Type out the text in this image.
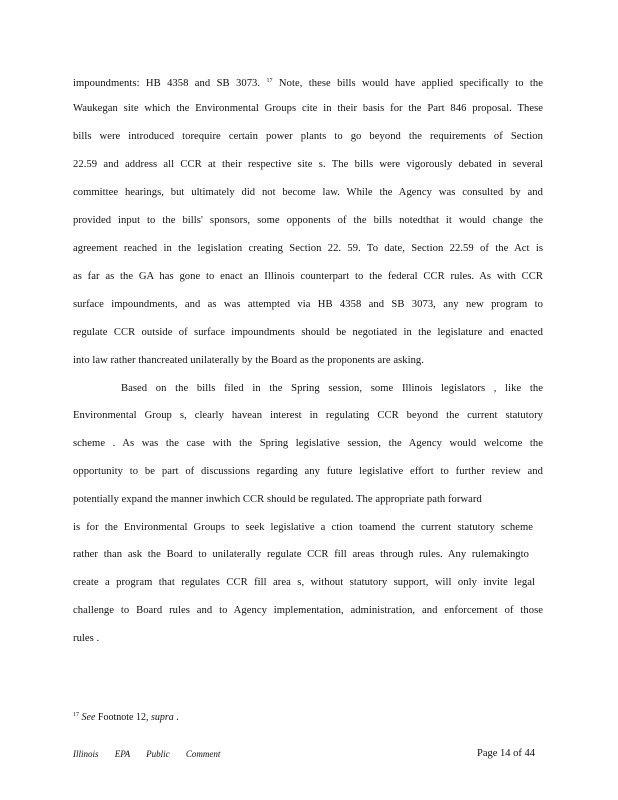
impoundments: HB 4358 and SB 3073. $^{17}$ Note, these bills would have applied specifically to the
Waukegan site which the Environmental Groups cite in their basis for the Part 846 proposal. These
bills were introduced torequire certain power plants to go beyond the requirements of Section
22.59 and address all CCR at their respective site s. The bills were vigorously debated in several
committee hearings, but ultimately did not become law. While the Agency was consulted by and
provided input to the bills' sponsors, some opponents of the bills notedthat it would change the
agreement reached in the legislation creating Section 22. 59. To date, Section 22.59 of the Act is
as far as the GA has gone to enact an Illinois counterpart to the federal CCR rules. As with CCR
surface impoundments, and as was attempted via HB 4358 and SB 3073, any new program to
regulate CCR outside of surface impoundments should be negotiated in the legislature and enacted
into law rather thancreated unilaterally by the Board as the proponents are asking.
Based on the bills filed in the Spring session, some Illinois legislators , like the
Environmental Group s, clearly havean interest in regulating CCR beyond the current statutory
scheme . As was the case with the Spring legislative session, the Agency would welcome the
opportunity to be part of discussions regarding any future legislative effort to further review and
potentially expand the manner inwhich CCR should be regulated. The appropriate path forward
is for the Environmental Groups to seek legislative a ction toamend the current statutory scheme
rather than ask the Board to unilaterally regulate CCR fill areas through rules. Any rulemakingto
create a program that regulates CCR fill area s, without statutory support, will only invite legal
challenge to Board rules and to Agency implementation, administration, and enforcement of those
rules .
$^{17}$ See Footnote 12, supra .
Illinois EPA Public Comment	Page 14 of 44
